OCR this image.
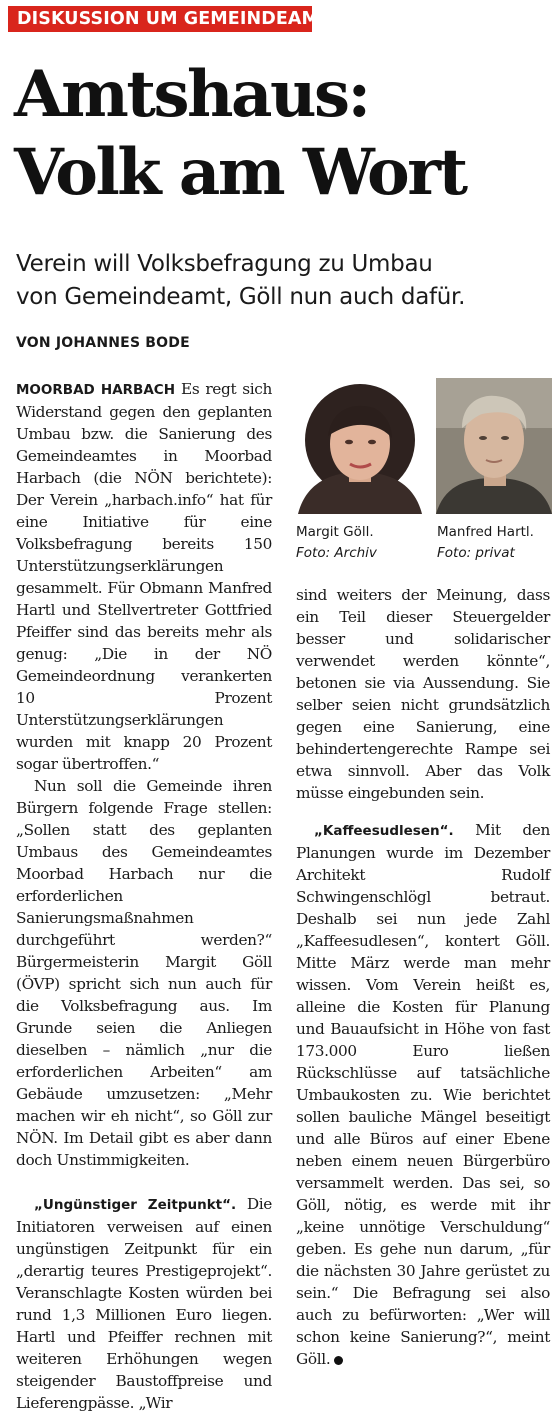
DISKUSSION UM GEMEINDEAMT
Amtshaus:
Volk am Wort
Verein will Volksbefragung zu Umbau
von Gemeindeamt, Göll nun auch dafür.
VON JOHANNES BODE

MOORBAD HARBACH Es regt sich Widerstand gegen den geplanten Umbau bzw. die Sanierung des Gemeindeamtes in Moorbad Harbach (die NÖN berichtete): Der Verein „harbach.info“ hat für eine Initiative für eine Volksbefragung bereits 150 Unterstützungserklärungen gesammelt. Für Obmann Manfred Hartl und Stellvertreter Gottfried Pfeiffer sind das bereits mehr als genug: „Die in der NÖ Gemeindeordnung verankerten 10 Prozent Unterstützungserklärungen wurden mit knapp 20 Prozent sogar übertroffen.“

Nun soll die Gemeinde ihren Bürgern folgende Frage stellen: „Sollen statt des geplanten Umbaus des Gemeindeamtes Moorbad Harbach nur die erforderlichen Sanierungsmaßnahmen durchgeführt werden?“ Bürgermeisterin Margit Göll (ÖVP) spricht sich nun auch für die Volksbefragung aus. Im Grunde seien die Anliegen dieselben – nämlich „nur die erforderlichen Arbeiten“ am Gebäude umzusetzen: „Mehr machen wir eh nicht“, so Göll zur NÖN. Im Detail gibt es aber dann doch Unstimmigkeiten.

„Ungünstiger Zeitpunkt“. Die Initiatoren verweisen auf einen ungünstigen Zeitpunkt für ein „derartig teures Prestigeprojekt“. Veranschlagte Kosten würden bei rund 1,3 Millionen Euro liegen. Hartl und Pfeiffer rechnen mit weiteren Erhöhungen wegen steigender Baustoffpreise und Lieferengpässe. „Wir

Margit Göll.
Foto: Archiv
Manfred Hartl.
Foto: privat

sind weiters der Meinung, dass ein Teil dieser Steuergelder besser und solidarischer verwendet werden könnte“, betonen sie via Aussendung. Sie selber seien nicht grundsätzlich gegen eine Sanierung, eine behindertengerechte Rampe sei etwa sinnvoll. Aber das Volk müsse eingebunden sein.

„Kaffeesudlesen“. Mit den Planungen wurde im Dezember Architekt Rudolf Schwingenschlögl betraut. Deshalb sei nun jede Zahl „Kaffeesudlesen“, kontert Göll. Mitte März werde man mehr wissen. Vom Verein heißt es, alleine die Kosten für Planung und Bauaufsicht in Höhe von fast 173.000 Euro ließen Rückschlüsse auf tatsächliche Umbaukosten zu. Wie berichtet sollen bauliche Mängel beseitigt und alle Büros auf einer Ebene neben einem neuen Bürgerbüro versammelt werden. Das sei, so Göll, nötig, es werde mit ihr „keine unnötige Verschuldung“ geben. Es gehe nun darum, „für die nächsten 30 Jahre gerüstet zu sein.“ Die Befragung sei also auch zu befürworten: „Wer will schon keine Sanierung?“, meint Göll.
